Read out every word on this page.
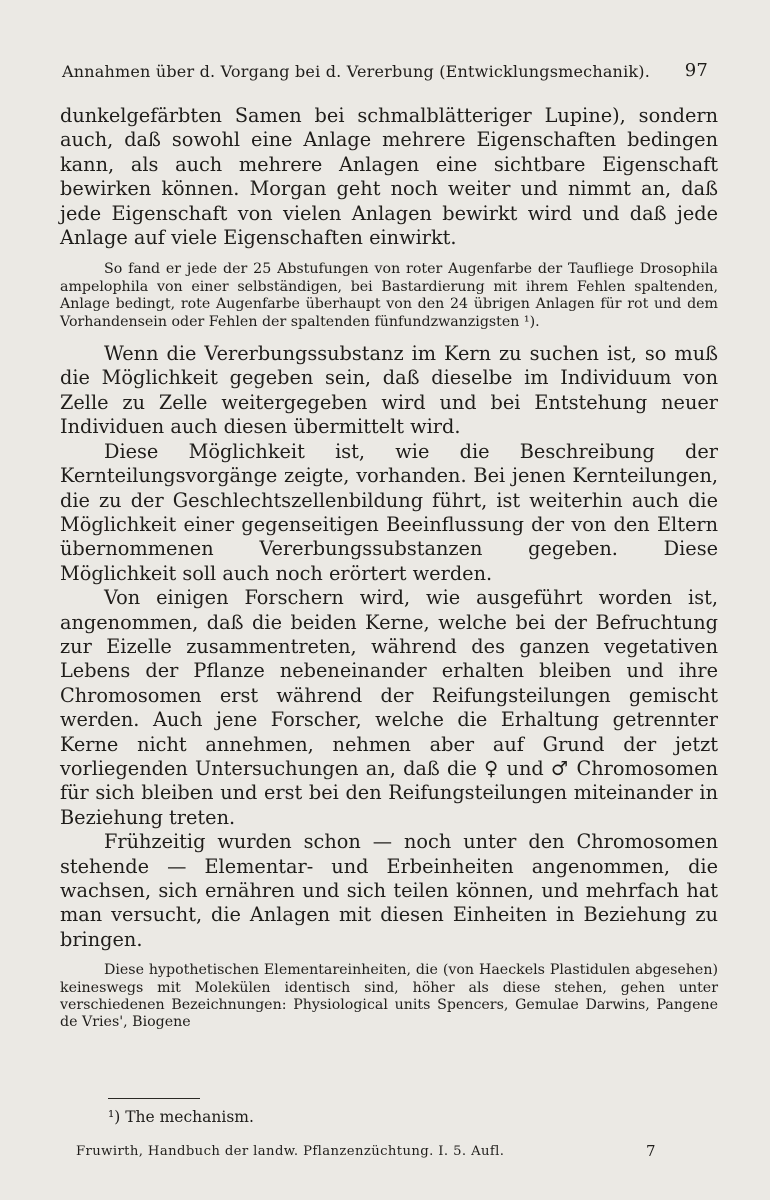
Annahmen über d. Vorgang bei d. Vererbung (Entwicklungsmechanik). 97

dunkelgefärbten Samen bei schmalblätteriger Lupine), sondern auch, daß sowohl eine Anlage mehrere Eigenschaften bedingen kann, als auch mehrere Anlagen eine sichtbare Eigenschaft bewirken können. Morgan geht noch weiter und nimmt an, daß jede Eigenschaft von vielen Anlagen bewirkt wird und daß jede Anlage auf viele Eigenschaften einwirkt.

So fand er jede der 25 Abstufungen von roter Augenfarbe der Taufliege Drosophila ampelophila von einer selbständigen, bei Bastardierung mit ihrem Fehlen spaltenden, Anlage bedingt, rote Augenfarbe überhaupt von den 24 übrigen Anlagen für rot und dem Vorhandensein oder Fehlen der spaltenden fünfundzwanzigsten ¹).

Wenn die Vererbungssubstanz im Kern zu suchen ist, so muß die Möglichkeit gegeben sein, daß dieselbe im Individuum von Zelle zu Zelle weitergegeben wird und bei Entstehung neuer Individuen auch diesen übermittelt wird.

Diese Möglichkeit ist, wie die Beschreibung der Kernteilungsvorgänge zeigte, vorhanden. Bei jenen Kernteilungen, die zu der Geschlechtszellenbildung führt, ist weiterhin auch die Möglichkeit einer gegenseitigen Beeinflussung der von den Eltern übernommenen Vererbungssubstanzen gegeben. Diese Möglichkeit soll auch noch erörtert werden.

Von einigen Forschern wird, wie ausgeführt worden ist, angenommen, daß die beiden Kerne, welche bei der Befruchtung zur Eizelle zusammentreten, während des ganzen vegetativen Lebens der Pflanze nebeneinander erhalten bleiben und ihre Chromosomen erst während der Reifungsteilungen gemischt werden. Auch jene Forscher, welche die Erhaltung getrennter Kerne nicht annehmen, nehmen aber auf Grund der jetzt vorliegenden Untersuchungen an, daß die ♀ und ♂ Chromosomen für sich bleiben und erst bei den Reifungsteilungen miteinander in Beziehung treten.

Frühzeitig wurden schon — noch unter den Chromosomen stehende — Elementar- und Erbeinheiten angenommen, die wachsen, sich ernähren und sich teilen können, und mehrfach hat man versucht, die Anlagen mit diesen Einheiten in Beziehung zu bringen.

Diese hypothetischen Elementareinheiten, die (von Haeckels Plastidulen abgesehen) keineswegs mit Molekülen identisch sind, höher als diese stehen, gehen unter verschiedenen Bezeichnungen: Physiological units Spencers, Gemulae Darwins, Pangene de Vries', Biogene

¹) The mechanism.
Fruwirth, Handbuch der landw. Pflanzenzüchtung. I. 5. Aufl.	7
